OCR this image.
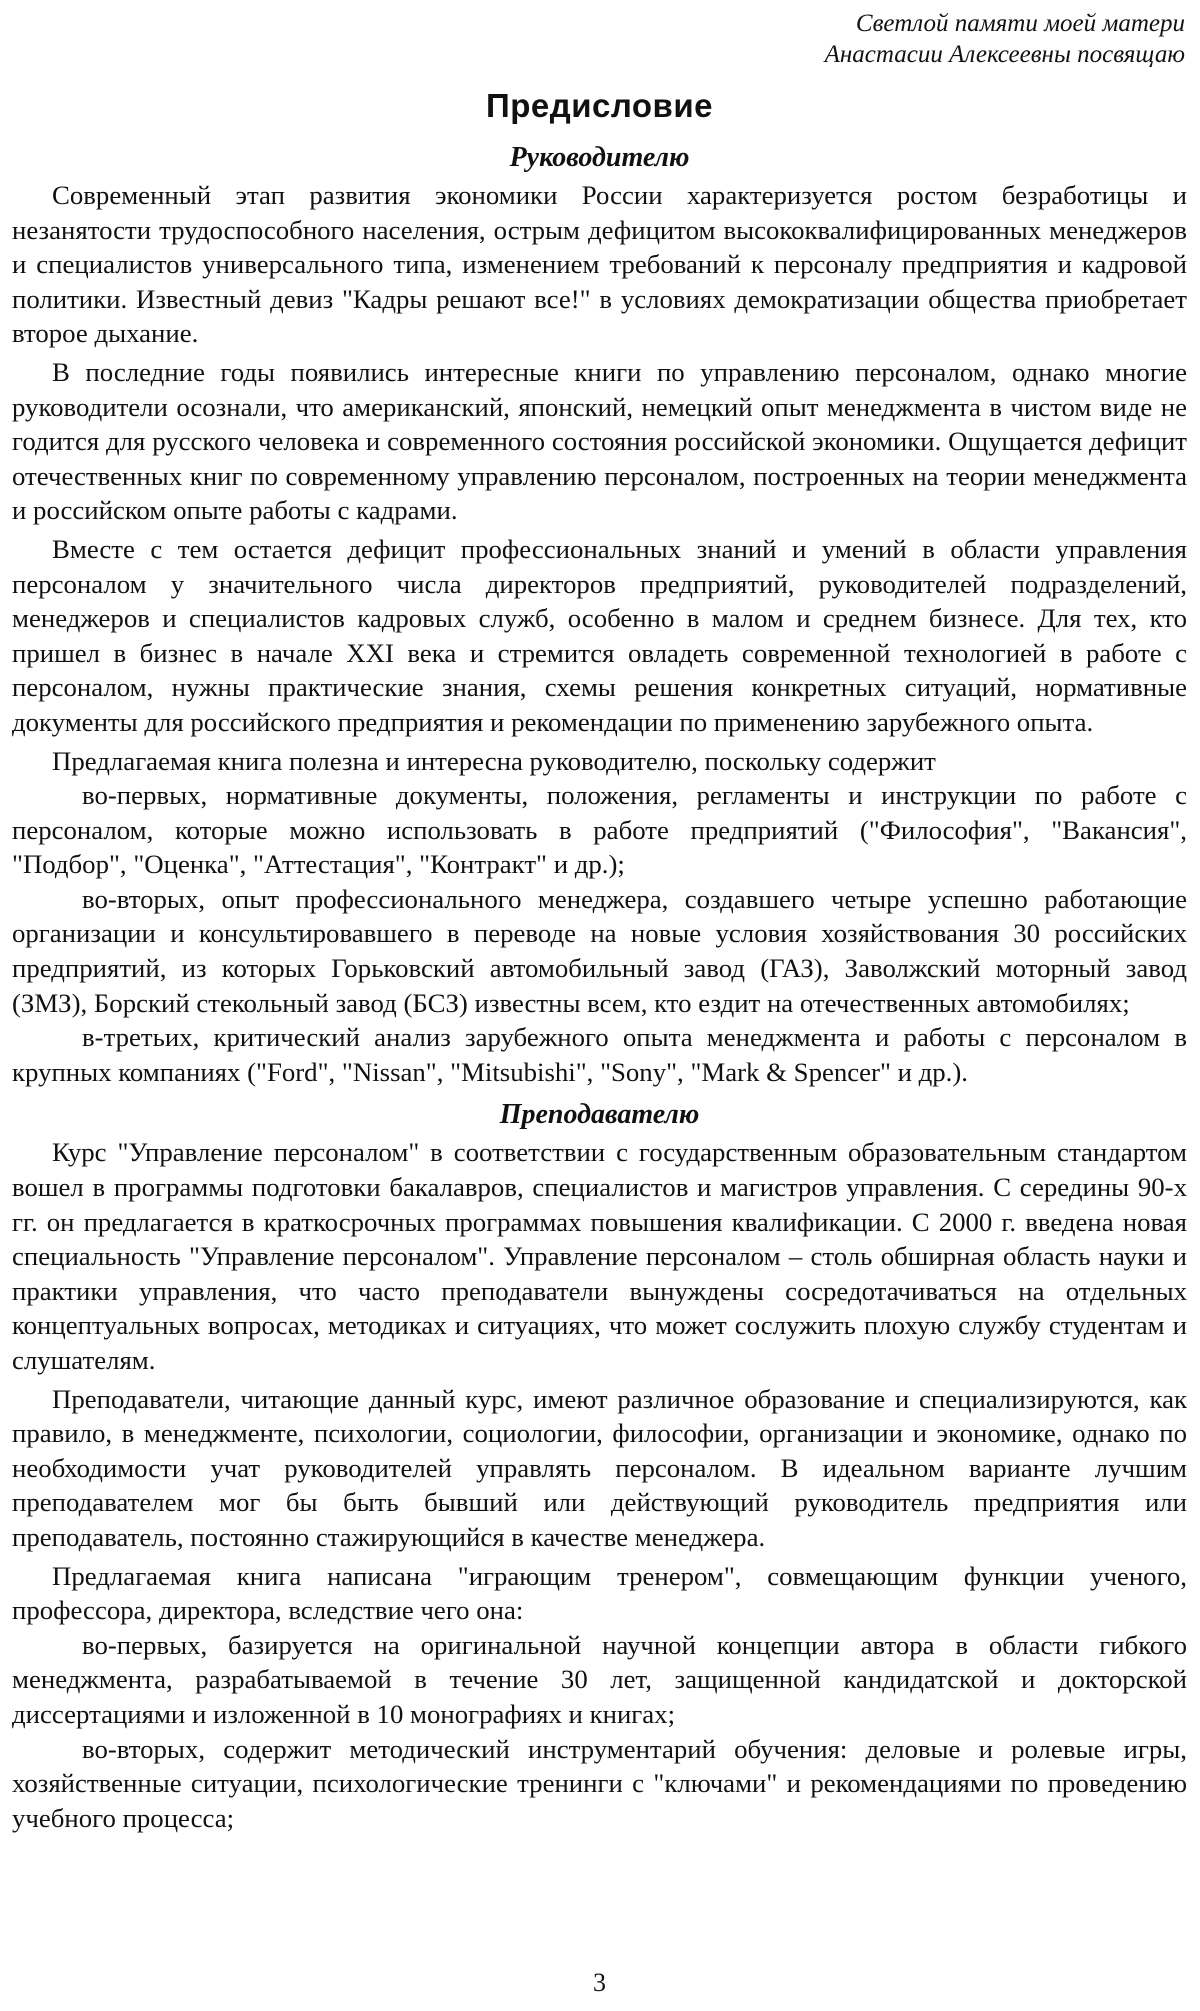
Светлой памяти моей матери
Анастасии Алексеевны посвящаю
Предисловие
Руководителю

Современный этап развития экономики России характеризуется ростом безработицы и незанятости трудоспособного населения, острым дефицитом высококвалифицированных менеджеров и специалистов универсального типа, изменением требований к персоналу предприятия и кадровой политики. Известный девиз "Кадры решают все!" в условиях демократизации общества приобретает второе дыхание.

В последние годы появились интересные книги по управлению персоналом, однако многие руководители осознали, что американский, японский, немецкий опыт менеджмента в чистом виде не годится для русского человека и современного состояния российской экономики. Ощущается дефицит отечественных книг по современному управлению персоналом, построенных на теории менеджмента и российском опыте работы с кадрами.

Вместе с тем остается дефицит профессиональных знаний и умений в области управления персоналом у значительного числа директоров предприятий, руководителей подразделений, менеджеров и специалистов кадровых служб, особенно в малом и среднем бизнесе. Для тех, кто пришел в бизнес в начале XXI века и стремится овладеть современной технологией в работе с персоналом, нужны практические знания, схемы решения конкретных ситуаций, нормативные документы для российского предприятия и рекомендации по применению зарубежного опыта.

Предлагаемая книга полезна и интересна руководителю, поскольку содержит

во-первых, нормативные документы, положения, регламенты и инструкции по работе с персоналом, которые можно использовать в работе предприятий ("Философия", "Вакансия", "Подбор", "Оценка", "Аттестация", "Контракт" и др.);

во-вторых, опыт профессионального менеджера, создавшего четыре успешно работающие организации и консультировавшего в переводе на новые условия хозяйствования 30 российских предприятий, из которых Горьковский автомобильный завод (ГАЗ), Заволжский моторный завод (ЗМЗ), Борский стекольный завод (БСЗ) известны всем, кто ездит на отечественных автомобилях;

в-третьих, критический анализ зарубежного опыта менеджмента и работы с персоналом в крупных компаниях ("Ford", "Nissan", "Mitsubishi", "Sony", "Mark & Spencer" и др.).

Преподавателю

Курс "Управление персоналом" в соответствии с государственным образовательным стандартом вошел в программы подготовки бакалавров, специалистов и магистров управления. С середины 90-х гг. он предлагается в краткосрочных программах повышения квалификации. С 2000 г. введена новая специальность "Управление персоналом". Управление персоналом – столь обширная область науки и практики управления, что часто преподаватели вынуждены сосредотачиваться на отдельных концептуальных вопросах, методиках и ситуациях, что может сослужить плохую службу студентам и слушателям.

Преподаватели, читающие данный курс, имеют различное образование и специализируются, как правило, в менеджменте, психологии, социологии, философии, организации и экономике, однако по необходимости учат руководителей управлять персоналом. В идеальном варианте лучшим преподавателем мог бы быть бывший или действующий руководитель предприятия или преподаватель, постоянно стажирующийся в качестве менеджера.

Предлагаемая книга написана "играющим тренером", совмещающим функции ученого, профессора, директора, вследствие чего она:

во-первых, базируется на оригинальной научной концепции автора в области гибкого менеджмента, разрабатываемой в течение 30 лет, защищенной кандидатской и докторской диссертациями и изложенной в 10 монографиях и книгах;

во-вторых, содержит методический инструментарий обучения: деловые и ролевые игры, хозяйственные ситуации, психологические тренинги с "ключами" и рекомендациями по проведению учебного процесса;

3
